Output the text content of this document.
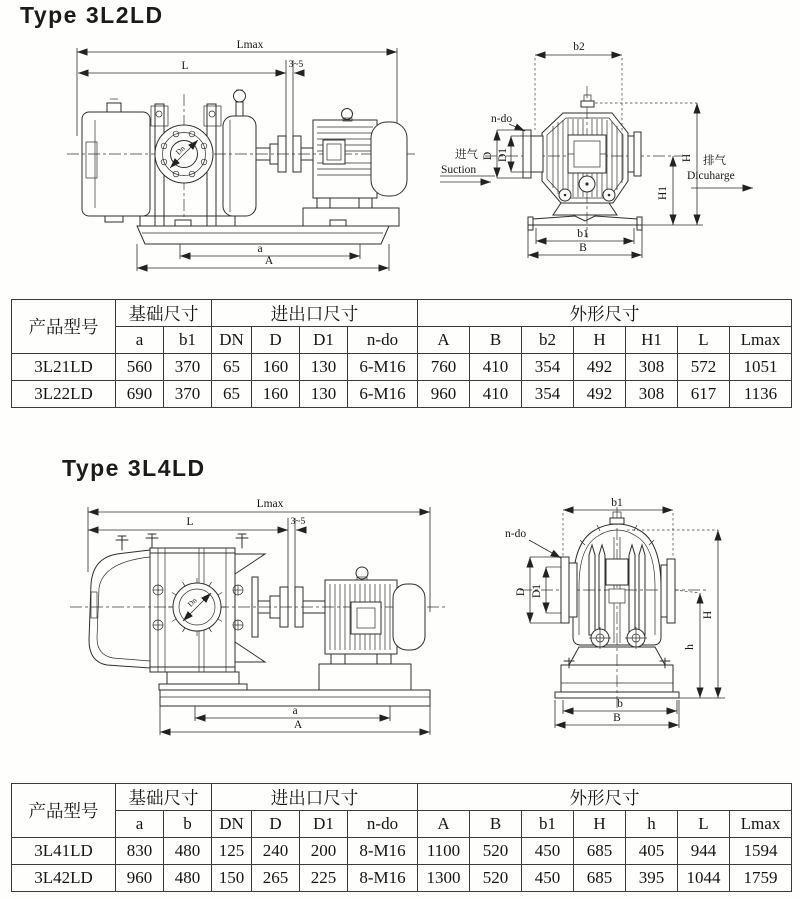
Type 3L2LD
Lmax
L	3~5
Dn
a
A
b2
n-do
D D1	H
H1
b1
B
进气
Suction
排气
Dicuharge
产品型号	基础尺寸		进出口尺寸				外形尺寸						
	a	b1	DN	D	D1	n-do	A	B	b2	H	H1	L	Lmax
3L21LD	560	370	65	160	130	6-M16	760	410	354	492	308	572	1051
3L22LD	690	370	65	160	130	6-M16	960	410	354	492	308	617	1136
Type 3L4LD
Lmax
L	3~5
Dn
a
A
b1
n-do
D D1
H
h
b
B
产品型号	基础尺寸		进出口尺寸				外形尺寸						
	a	b	DN	D	D1	n-do	A	B	b1	H	h	L	Lmax
3L41LD	830	480	125	240	200	8-M16	1100	520	450	685	405	944	1594
3L42LD	960	480	150	265	225	8-M16	1300	520	450	685	395	1044	1759
